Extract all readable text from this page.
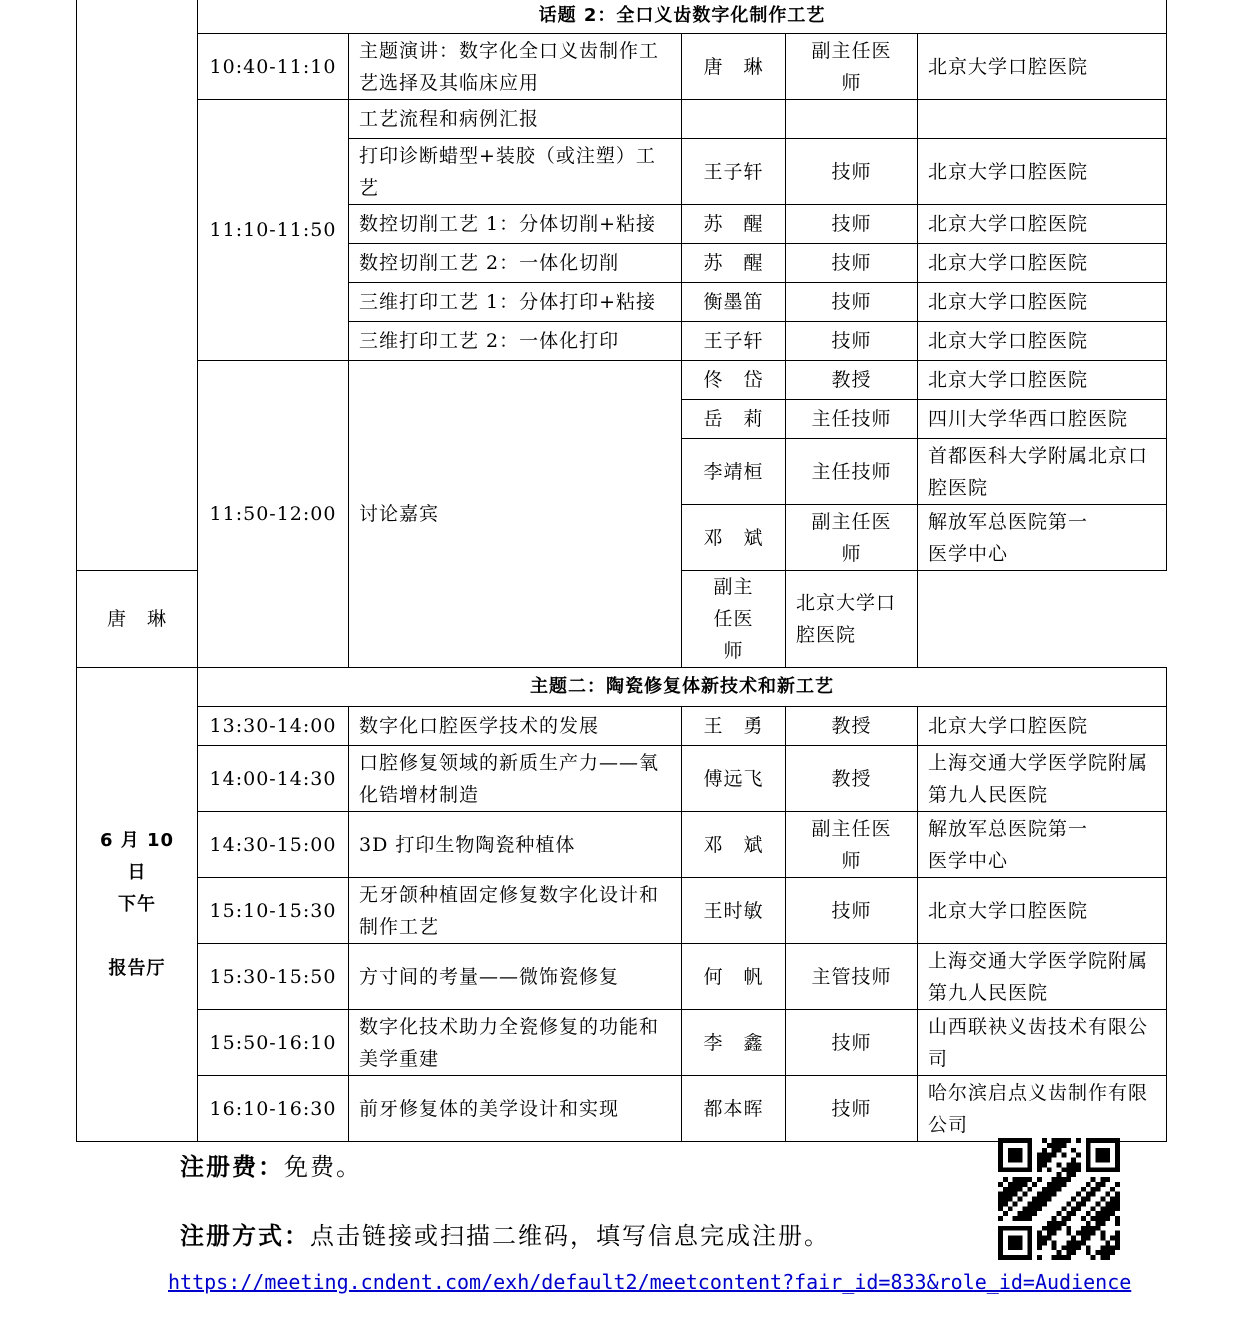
	话题 2：全口义齿数字化制作工艺				
	10:40-11:10	主题演讲：数字化全口义齿制作工艺选择及其临床应用	唐　琳	副主任医师	北京大学口腔医院
	11:10-11:50	工艺流程和病例汇报			
		打印诊断蜡型+装胶（或注塑）工艺	王子轩	技师	北京大学口腔医院
		数控切削工艺 1：分体切削+粘接	苏　醒	技师	北京大学口腔医院
		数控切削工艺 2：一体化切削	苏　醒	技师	北京大学口腔医院
		三维打印工艺 1：分体打印+粘接	衡墨笛	技师	北京大学口腔医院
		三维打印工艺 2：一体化打印	王子轩	技师	北京大学口腔医院
	11:50-12:00	讨论嘉宾	佟　岱	教授	北京大学口腔医院
			岳　莉	主任技师	四川大学华西口腔医院
			李靖桓	主任技师	首都医科大学附属北京口腔医院
			邓　斌	副主任医师	解放军总医院第一医学中心
唐　琳			副主任医师	北京大学口腔医院	

6 月 10 日
下午
报告厅	主题二：陶瓷修复体新技术和新工艺				
	13:30-14:00	数字化口腔医学技术的发展	王　勇	教授	北京大学口腔医院
	14:00-14:30	口腔修复领域的新质生产力——氧化锆增材制造	傅远飞	教授	上海交通大学医学院附属第九人民医院
	14:30-15:00	3D 打印生物陶瓷种植体	邓　斌	副主任医师	解放军总医院第一医学中心
	15:10-15:30	无牙颌种植固定修复数字化设计和制作工艺	王时敏	技师	北京大学口腔医院
	15:30-15:50	方寸间的考量——微饰瓷修复	何　帆	主管技师	上海交通大学医学院附属第九人民医院
	15:50-16:10	数字化技术助力全瓷修复的功能和美学重建	李　鑫	技师	山西联袂义齿技术有限公司
	16:10-16:30	前牙修复体的美学设计和实现	都本晖	技师	哈尔滨启点义齿制作有限公司
注册费：免费。
注册方式：点击链接或扫描二维码，填写信息完成注册。
https://meeting.cndent.com/exh/default2/meetcontent?fair_id=833&role_id=Audience
